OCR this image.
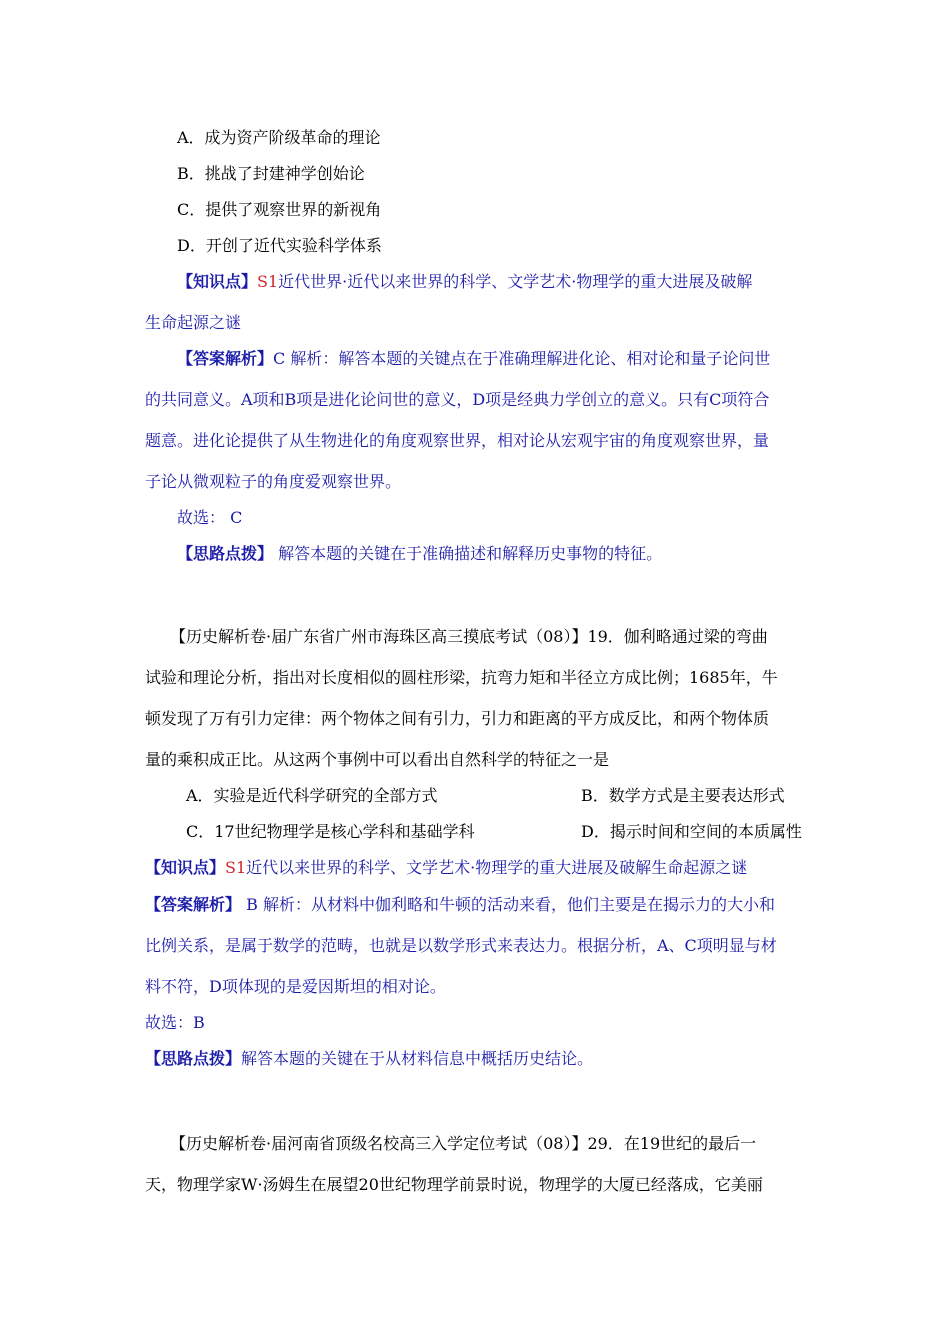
A．成为资产阶级革命的理论
B．挑战了封建神学创始论
C．提供了观察世界的新视角
D．开创了近代实验科学体系
【知识点】S1近代世界·近代以来世界的科学、文学艺术·物理学的重大进展及破解
生命起源之谜
【答案解析】C 解析：解答本题的关键点在于准确理解进化论、相对论和量子论问世
的共同意义。A项和B项是进化论问世的意义，D项是经典力学创立的意义。只有C项符合
题意。进化论提供了从生物进化的角度观察世界，相对论从宏观宇宙的角度观察世界，量
子论从微观粒子的角度爱观察世界。
故选： C
【思路点拨】 解答本题的关键在于准确描述和解释历史事物的特征。
【历史解析卷·届广东省广州市海珠区高三摸底考试（08）】19．伽利略通过梁的弯曲
试验和理论分析，指出对长度相似的圆柱形梁，抗弯力矩和半径立方成比例；1685年，牛
顿发现了万有引力定律：两个物体之间有引力，引力和距离的平方成反比，和两个物体质
量的乘积成正比。从这两个事例中可以看出自然科学的特征之一是
A．实验是近代科学研究的全部方式	B．数学方式是主要表达形式
C．17世纪物理学是核心学科和基础学科	D．揭示时间和空间的本质属性
【知识点】S1近代以来世界的科学、文学艺术·物理学的重大进展及破解生命起源之谜
【答案解析】 B 解析：从材料中伽利略和牛顿的活动来看，他们主要是在揭示力的大小和
比例关系，是属于数学的范畴，也就是以数学形式来表达力。根据分析，A、C项明显与材
料不符，D项体现的是爱因斯坦的相对论。
故选：B
【思路点拨】解答本题的关键在于从材料信息中概括历史结论。
【历史解析卷·届河南省顶级名校高三入学定位考试（08）】29．在19世纪的最后一
天，物理学家W·汤姆生在展望20世纪物理学前景时说，物理学的大厦已经落成，它美丽
